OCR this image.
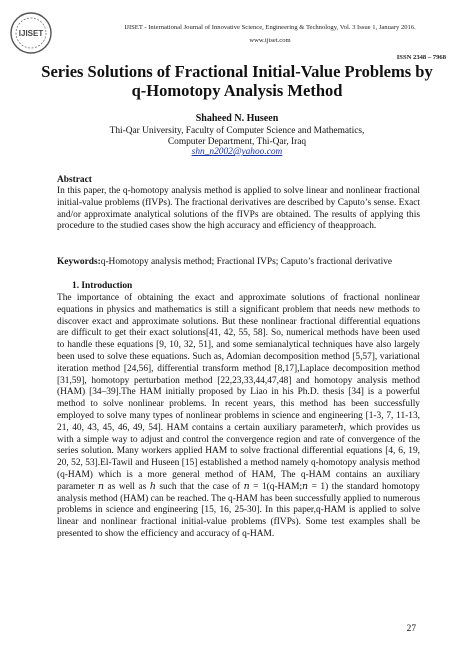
IJISET
IJISET - International Journal of Innovative Science, Engineering & Technology, Vol. 3 Issue 1, January 2016.
www.ijiset.com
ISSN 2348 – 7968
Series Solutions of Fractional Initial-Value Problems by
q-Homotopy Analysis Method
Shaheed N. Huseen
Thi-Qar University, Faculty of Computer Science and Mathematics,
Computer Department, Thi-Qar, Iraq
shn_n2002@yahoo.com
Abstract
In this paper, the q-homotopy analysis method is applied to solve linear and nonlinear fractional initial-value problems (fIVPs). The fractional derivatives are described by Caputo’s sense. Exact and/or approximate analytical solutions of the fIVPs are obtained. The results of applying this procedure to the studied cases show the high accuracy and efficiency of theapproach.
Keywords:q-Homotopy analysis method; Fractional IVPs; Caputo’s fractional derivative
1. Introduction
The importance of obtaining the exact and approximate solutions of fractional nonlinear equations in physics and mathematics is still a significant problem that needs new methods to discover exact and approximate solutions. But these nonlinear fractional differential equations are difficult to get their exact solutions[41, 42, 55, 58]. So, numerical methods have been used to handle these equations [9, 10, 32, 51], and some semianalytical techniques have also largely been used to solve these equations. Such as, Adomian decomposition method [5,57], variational iteration method [24,56], differential transform method [8,17],Laplace decomposition method [31,59], homotopy perturbation method [22,23,33,44,47,48] and homotopy analysis method (HAM) [34–39].The HAM initially proposed by Liao in his Ph.D. thesis [34] is a powerful method to solve nonlinear problems. In recent years, this method has been successfully employed to solve many types of nonlinear problems in science and engineering [1-3, 7, 11-13, 21, 40, 43, 45, 46, 49, 54]. HAM contains a certain auxiliary parameterℎ, which provides us with a simple way to adjust and control the convergence region and rate of convergence of the series solution. Many workers applied HAM to solve fractional differential equations [4, 6, 19, 20, 52, 53].El-Tawil and Huseen [15] established a method namely q-homotopy analysis method (q-HAM) which is a more general method of HAM, The q-HAM contains an auxiliary parameter 𝑛 as well as ℎ such that the case of 𝑛 = 1(q-HAM;𝑛 = 1) the standard homotopy analysis method (HAM) can be reached. The q-HAM has been successfully applied to numerous problems in science and engineering [15, 16, 25-30]. In this paper,q-HAM is applied to solve linear and nonlinear fractional initial-value problems (fIVPs). Some test examples shall be presented to show the efficiency and accuracy of q-HAM.
27
